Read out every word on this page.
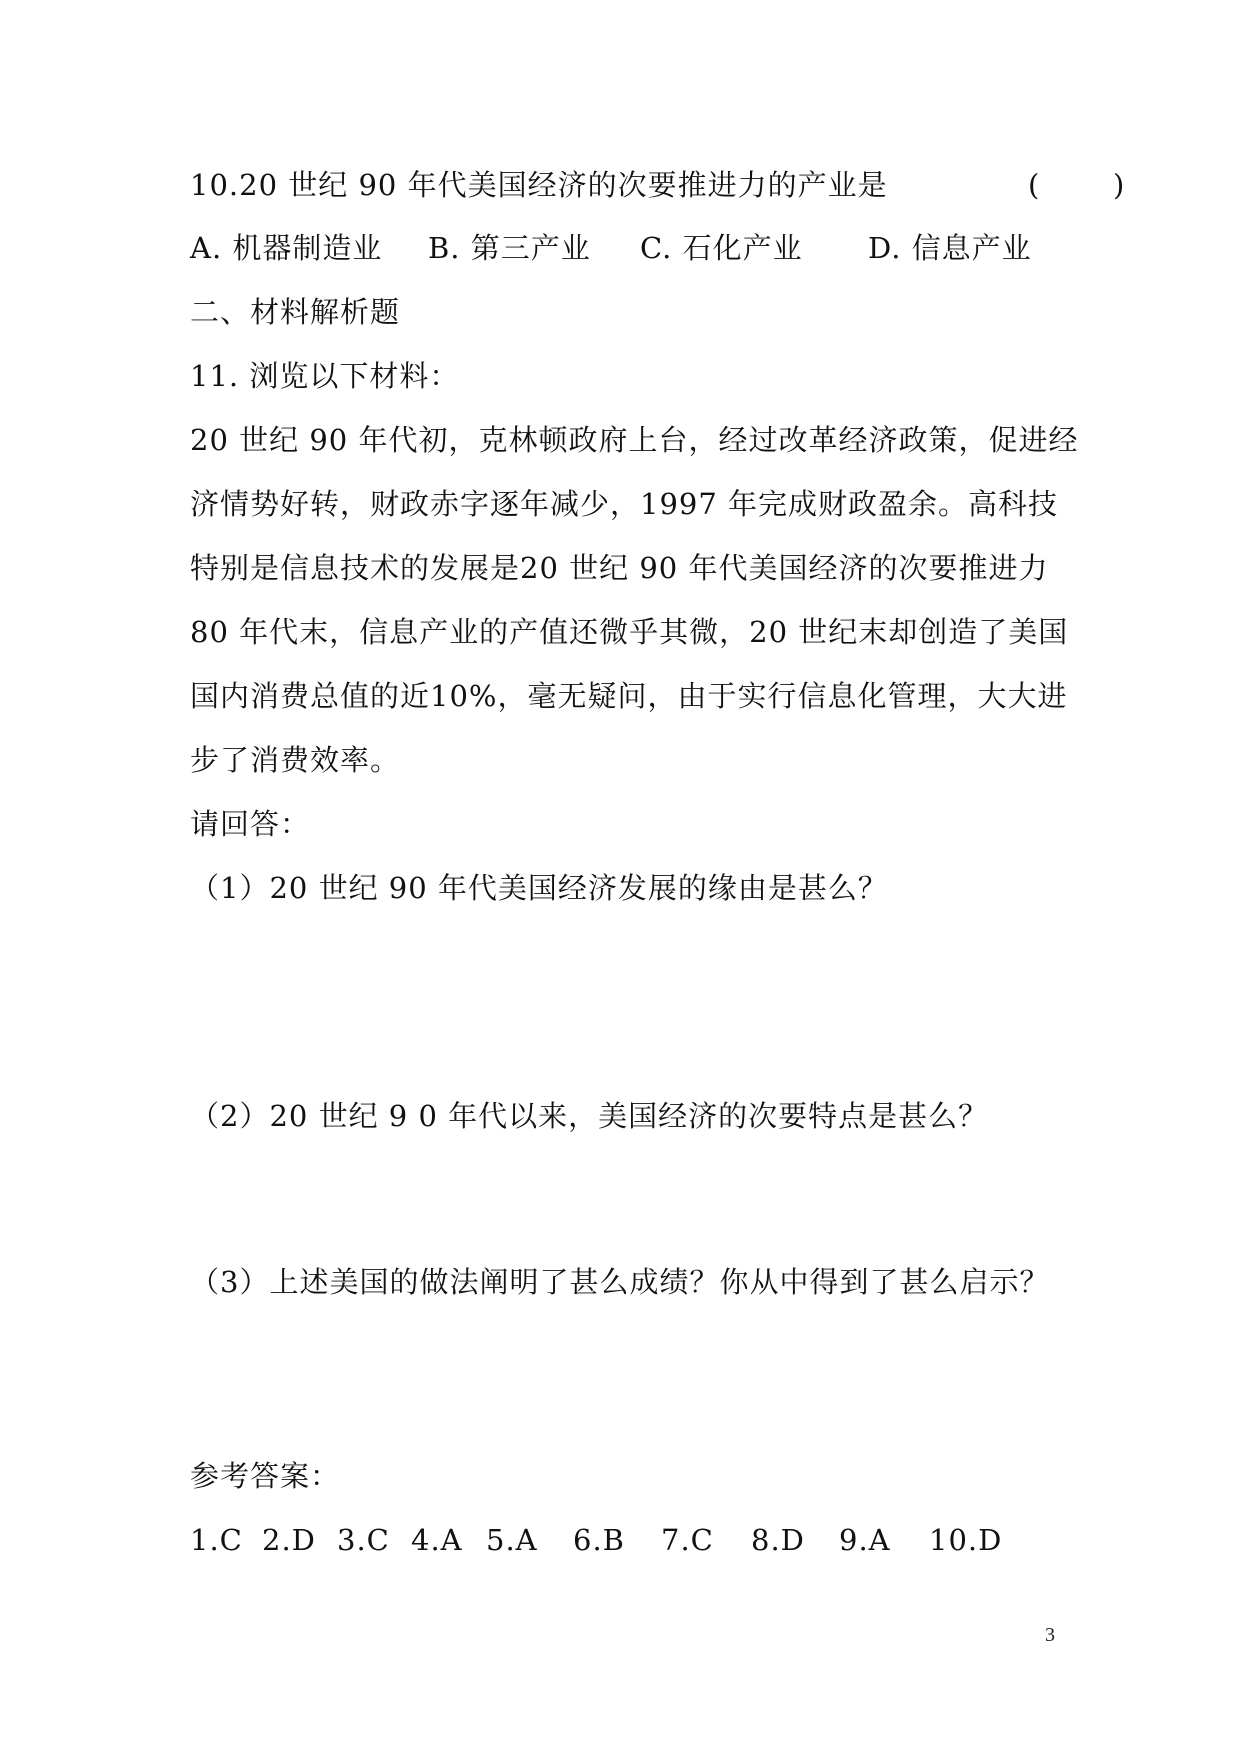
10.20 世纪 90 年代美国经济的次要推进力的产业是	(        )
A. 机器制造业	B. 第三产业	C. 石化产业	D. 信息产业
二、材料解析题
11. 浏览以下材料：
20 世纪 90 年代初，克林顿政府上台，经过改革经济政策，促进经
济情势好转，财政赤字逐年减少，1997 年完成财政盈余。高科技
特别是信息技术的发展是20 世纪 90 年代美国经济的次要推进力
80 年代末，信息产业的产值还微乎其微，20 世纪末却创造了美国
国内消费总值的近10%，毫无疑问，由于实行信息化管理，大大进
步了消费效率。
请回答：
（1）20 世纪 90 年代美国经济发展的缘由是甚么？
（2）20 世纪 9 0 年代以来，美国经济的次要特点是甚么？
（3）上述美国的做法阐明了甚么成绩？你从中得到了甚么启示？
参考答案：
1.C 2.D 3.C 4.A 5.A	6.B	7.C	8.D	9.A	10.D
3
